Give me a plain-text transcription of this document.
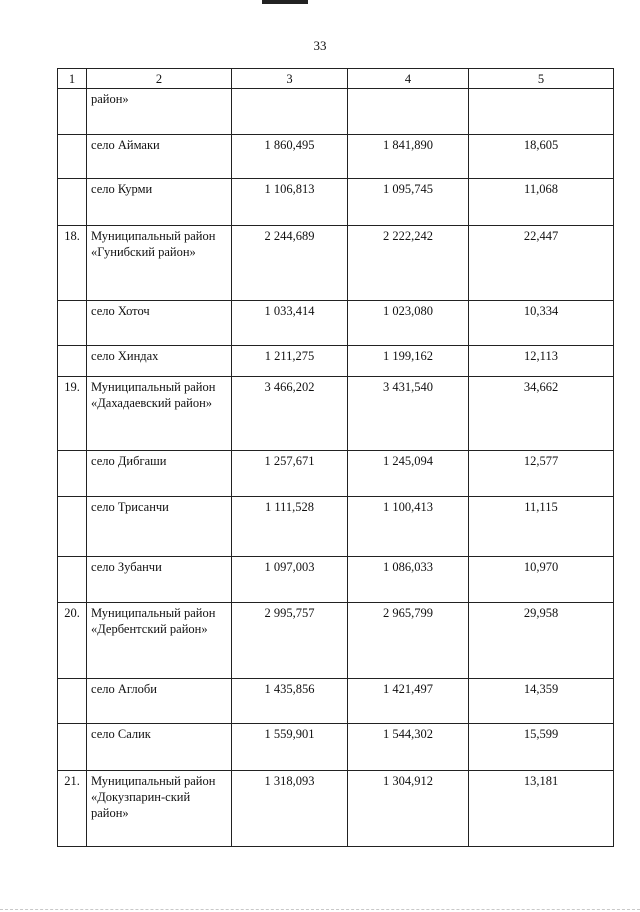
33
1	2	3	4	5
	район»			
	село Аймаки	1 860,495	1 841,890	18,605
	село Курми	1 106,813	1 095,745	11,068
18.	Муниципальный район «Гунибский район»	2 244,689	2 222,242	22,447
	село Хоточ	1 033,414	1 023,080	10,334
	село Хиндах	1 211,275	1 199,162	12,113
19.	Муниципальный район «Дахадаевский район»	3 466,202	3 431,540	34,662
	село Дибгаши	1 257,671	1 245,094	12,577
	село Трисанчи	1 111,528	1 100,413	11,115
	село Зубанчи	1 097,003	1 086,033	10,970
20.	Муниципальный район «Дербентский район»	2 995,757	2 965,799	29,958
	село Аглоби	1 435,856	1 421,497	14,359
	село Салик	1 559,901	1 544,302	15,599
21.	Муниципальный район «Докузпарин-ский район»	1 318,093	1 304,912	13,181
